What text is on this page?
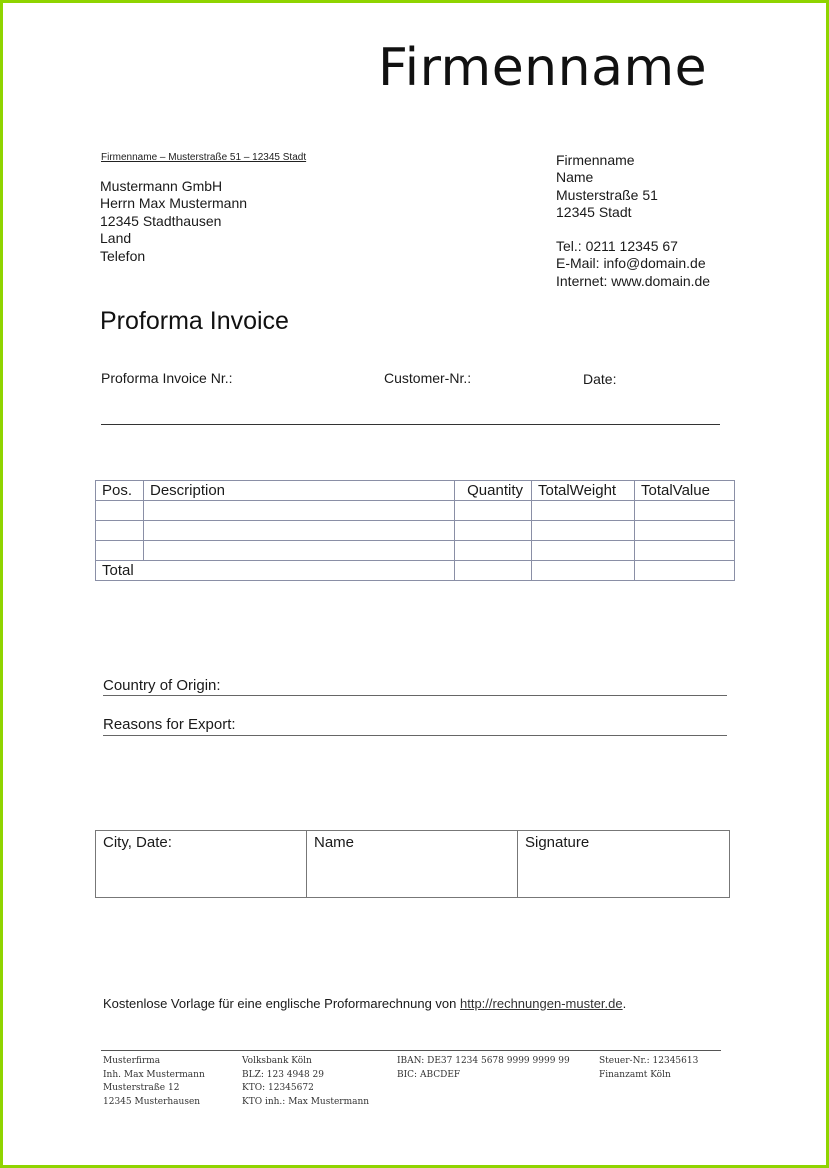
Firmenname
Firmenname – Musterstraße 51 – 12345 Stadt
Mustermann GmbH
Herrn Max Mustermann
12345 Stadthausen
Land
Telefon
Firmenname
Name
Musterstraße 51
12345 Stadt
Tel.: 0211 12345 67
E-Mail: info@domain.de
Internet: www.domain.de
Proforma Invoice
Proforma Invoice Nr.:	Customer-Nr.:	Date:
Pos.	Description	Quantity	TotalWeight	TotalValue

Total				
Country of Origin:
Reasons for Export:
City, Date:	Name	Signature
Kostenlose Vorlage für eine englische Proformarechnung von http://rechnungen-muster.de.
Musterfirma
Inh. Max Mustermann
Musterstraße 12
12345 Musterhausen
Volksbank Köln
BLZ: 123 4948 29
KTO: 12345672
KTO inh.: Max Mustermann
IBAN: DE37 1234 5678 9999 9999 99
BIC: ABCDEF
Steuer-Nr.: 12345613
Finanzamt Köln
